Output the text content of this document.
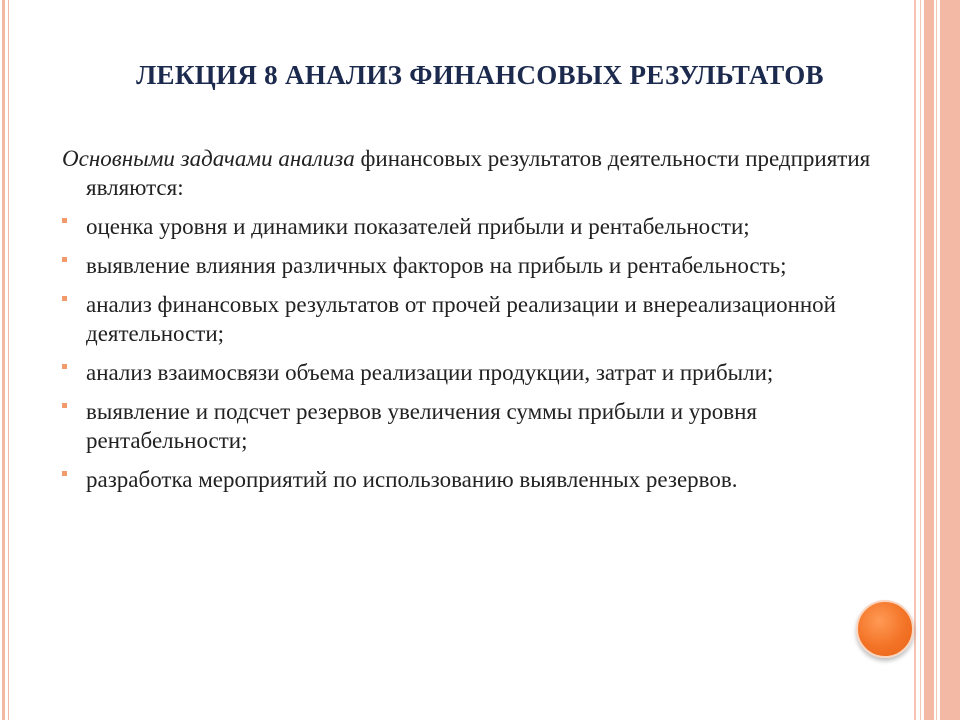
ЛЕКЦИЯ 8 АНАЛИЗ ФИНАНСОВЫХ РЕЗУЛЬТАТОВ

Основными задачами анализа финансовых результатов деятельности предприятия являются:

оценка уровня и динамики показателей прибыли и рентабельности;
выявление влияния различных факторов на прибыль и рентабельность;
анализ финансовых результатов от прочей реализации и внереализационной деятельности;
анализ взаимосвязи объема реализации продукции, затрат и прибыли;
выявление и подсчет резервов увеличения суммы прибыли и уровня рентабельности;
разработка мероприятий по использованию выявленных резервов.
